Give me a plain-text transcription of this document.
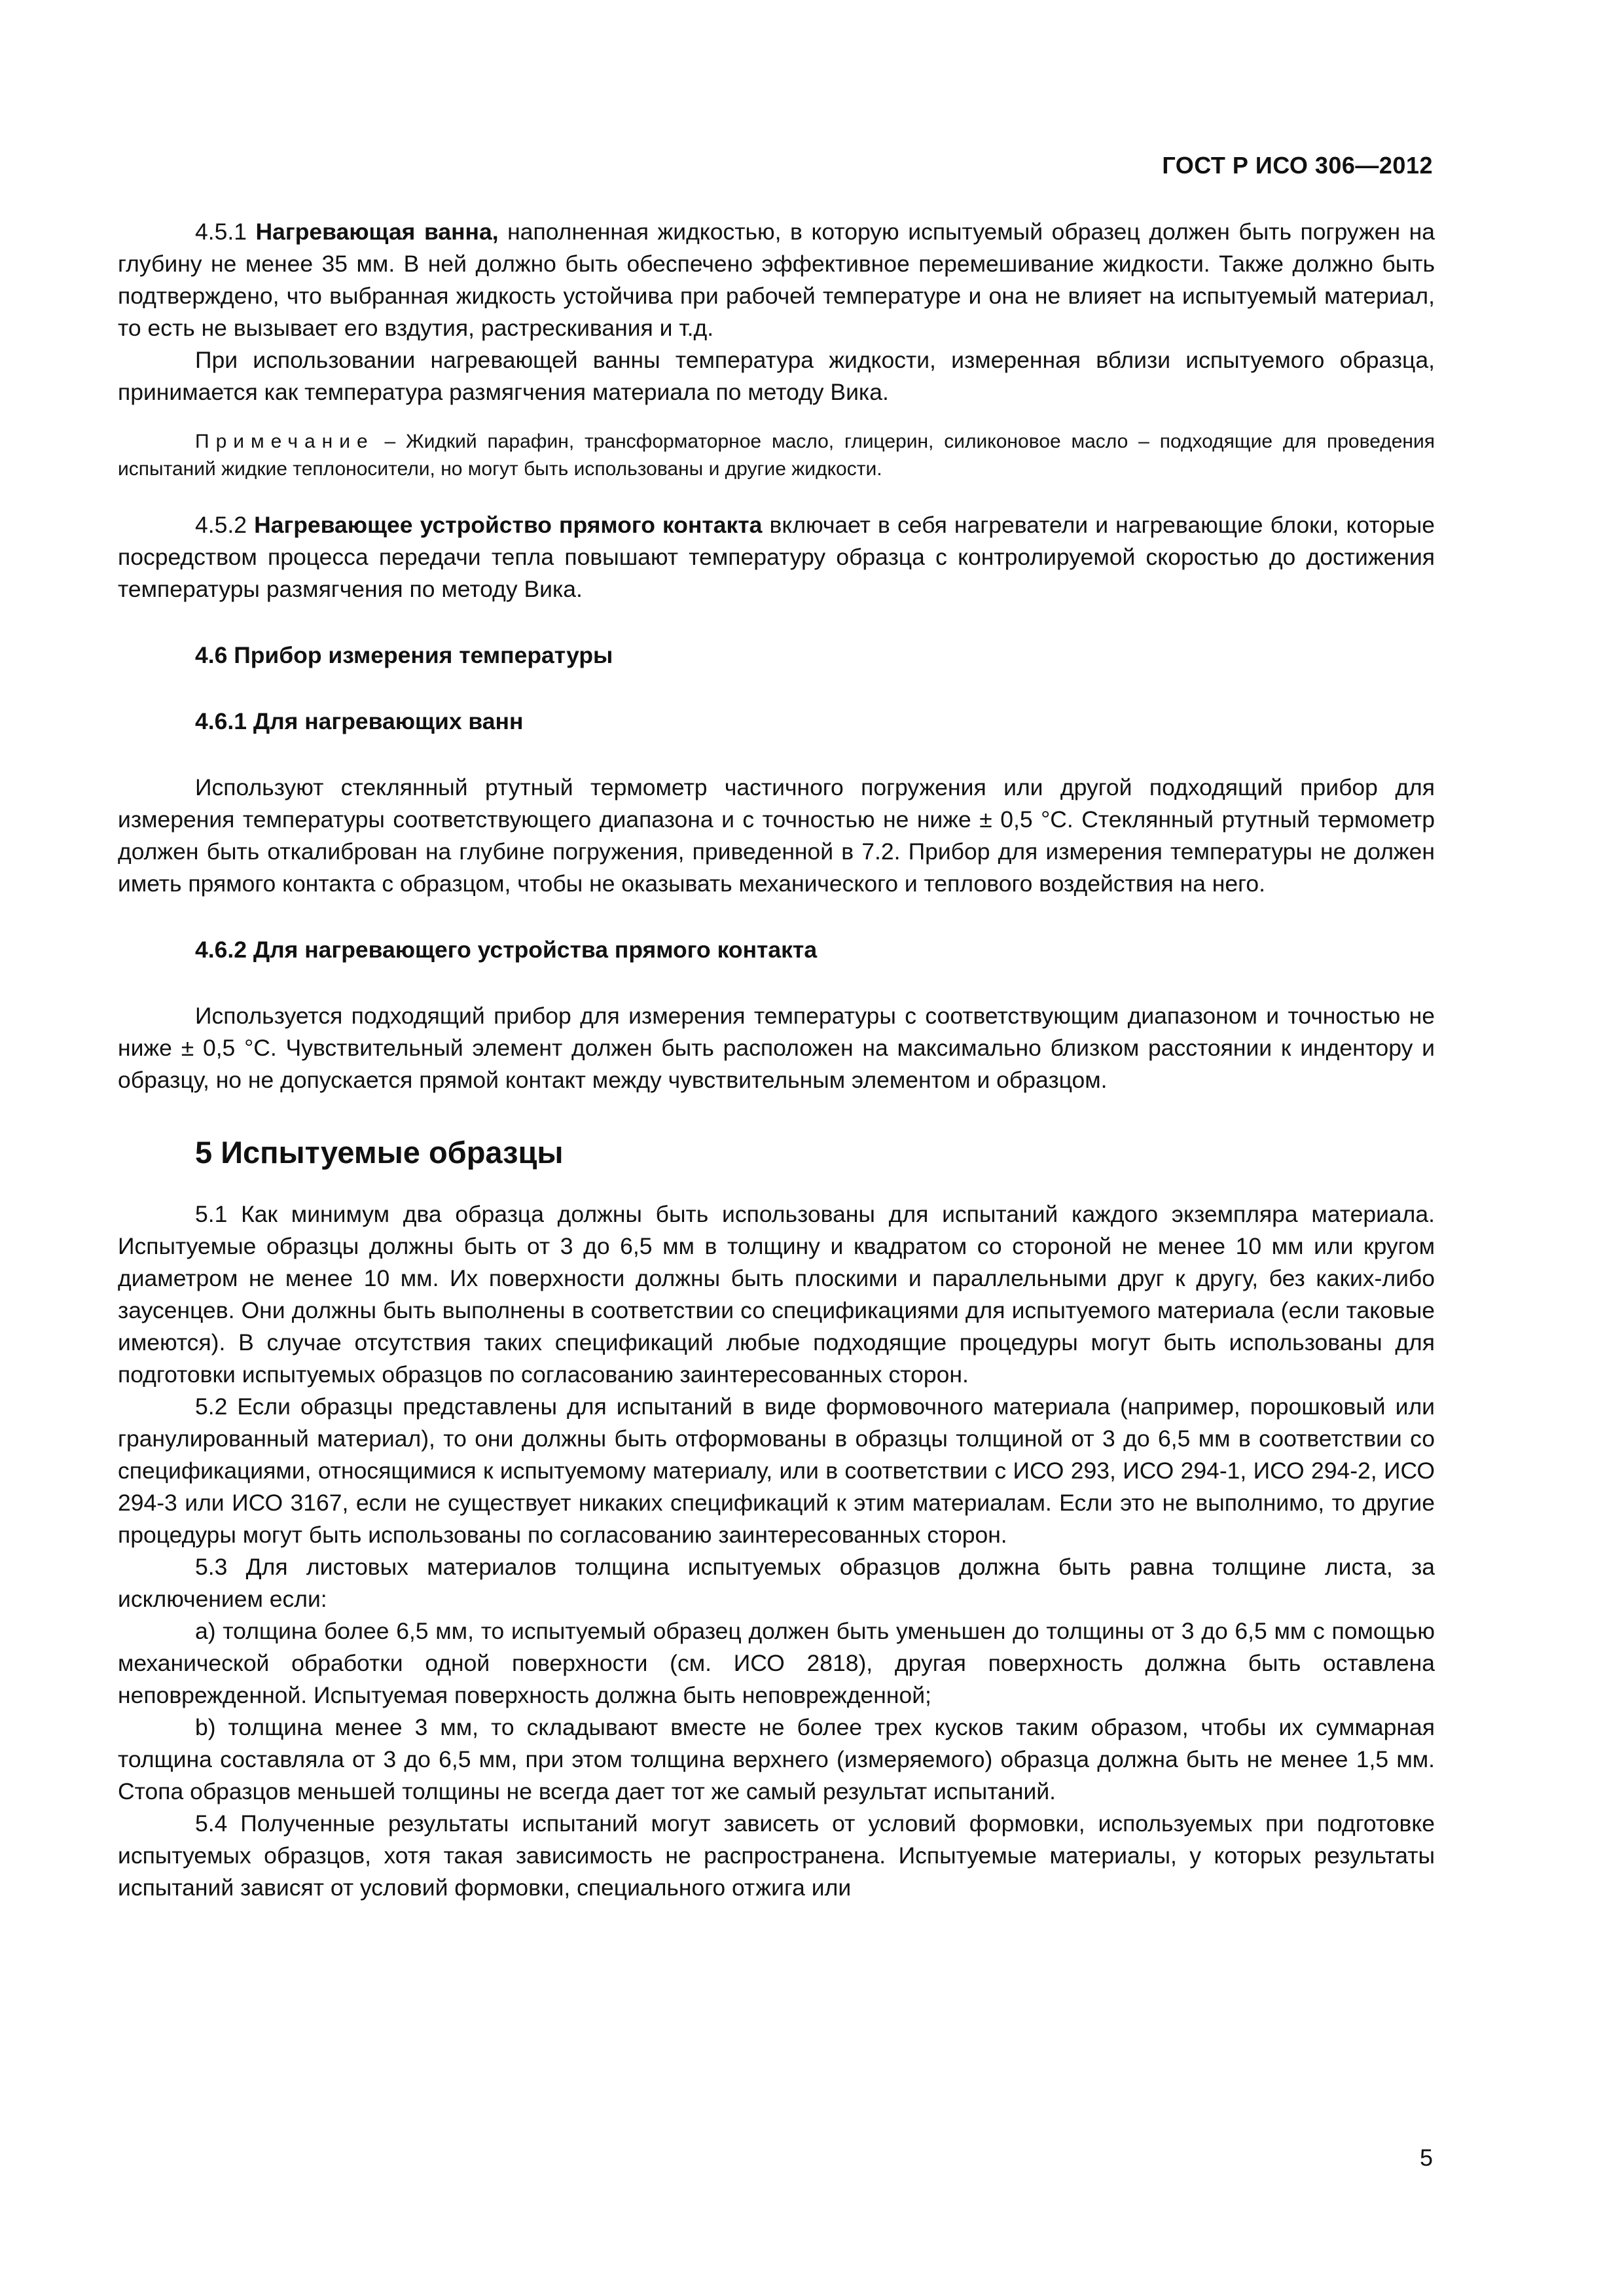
ГОСТ Р ИСО 306—2012

4.5.1 Нагревающая ванна, наполненная жидкостью, в которую испытуемый образец должен быть погружен на глубину не менее 35 мм. В ней должно быть обеспечено эффективное перемешивание жидкости. Также должно быть подтверждено, что выбранная жидкость устойчива при рабочей температуре и она не влияет на испытуемый материал, то есть не вызывает его вздутия, растрескивания и т.д.

При использовании нагревающей ванны температура жидкости, измеренная вблизи испытуемого образца, принимается как температура размягчения материала по методу Вика.

Примечание – Жидкий парафин, трансформаторное масло, глицерин, силиконовое масло – подходящие для проведения испытаний жидкие теплоносители, но могут быть использованы и другие жидкости.

4.5.2 Нагревающее устройство прямого контакта включает в себя нагреватели и нагревающие блоки, которые посредством процесса передачи тепла повышают температуру образца с контролируемой скоростью до достижения температуры размягчения по методу Вика.

4.6 Прибор измерения температуры
4.6.1 Для нагревающих ванн

Используют стеклянный ртутный термометр частичного погружения или другой подходящий прибор для измерения температуры соответствующего диапазона и с точностью не ниже ± 0,5 °С. Стеклянный ртутный термометр должен быть откалиброван на глубине погружения, приведенной в 7.2. Прибор для измерения температуры не должен иметь прямого контакта с образцом, чтобы не оказывать механического и теплового воздействия на него.

4.6.2 Для нагревающего устройства прямого контакта

Используется подходящий прибор для измерения температуры с соответствующим диапазоном и точностью не ниже ± 0,5 °С. Чувствительный элемент должен быть расположен на максимально близком расстоянии к индентору и образцу, но не допускается прямой контакт между чувствительным элементом и образцом.

5 Испытуемые образцы

5.1 Как минимум два образца должны быть использованы для испытаний каждого экземпляра материала. Испытуемые образцы должны быть от 3 до 6,5 мм в толщину и квадратом со стороной не менее 10 мм или кругом диаметром не менее 10 мм. Их поверхности должны быть плоскими и параллельными друг к другу, без каких-либо заусенцев. Они должны быть выполнены в соответствии со спецификациями для испытуемого материала (если таковые имеются). В случае отсутствия таких спецификаций любые подходящие процедуры могут быть использованы для подготовки испытуемых образцов по согласованию заинтересованных сторон.

5.2 Если образцы представлены для испытаний в виде формовочного материала (например, порошковый или гранулированный материал), то они должны быть отформованы в образцы толщиной от 3 до 6,5 мм в соответствии со спецификациями, относящимися к испытуемому материалу, или в соответствии с ИСО 293, ИСО 294-1, ИСО 294-2, ИСО 294-3 или ИСО 3167, если не существует никаких спецификаций к этим материалам. Если это не выполнимо, то другие процедуры могут быть использованы по согласованию заинтересованных сторон.

5.3 Для листовых материалов толщина испытуемых образцов должна быть равна толщине листа, за исключением если:

а) толщина более 6,5 мм, то испытуемый образец должен быть уменьшен до толщины от 3 до 6,5 мм с помощью механической обработки одной поверхности (см. ИСО 2818), другая поверхность должна быть оставлена неповрежденной. Испытуемая поверхность должна быть неповрежденной;

b) толщина менее 3 мм, то складывают вместе не более трех кусков таким образом, чтобы их суммарная толщина составляла от 3 до 6,5 мм, при этом толщина верхнего (измеряемого) образца должна быть не менее 1,5 мм. Стопа образцов меньшей толщины не всегда дает тот же самый результат испытаний.

5.4 Полученные результаты испытаний могут зависеть от условий формовки, используемых при подготовке испытуемых образцов, хотя такая зависимость не распространена. Испытуемые материалы, у которых результаты испытаний зависят от условий формовки, специального отжига или

5
